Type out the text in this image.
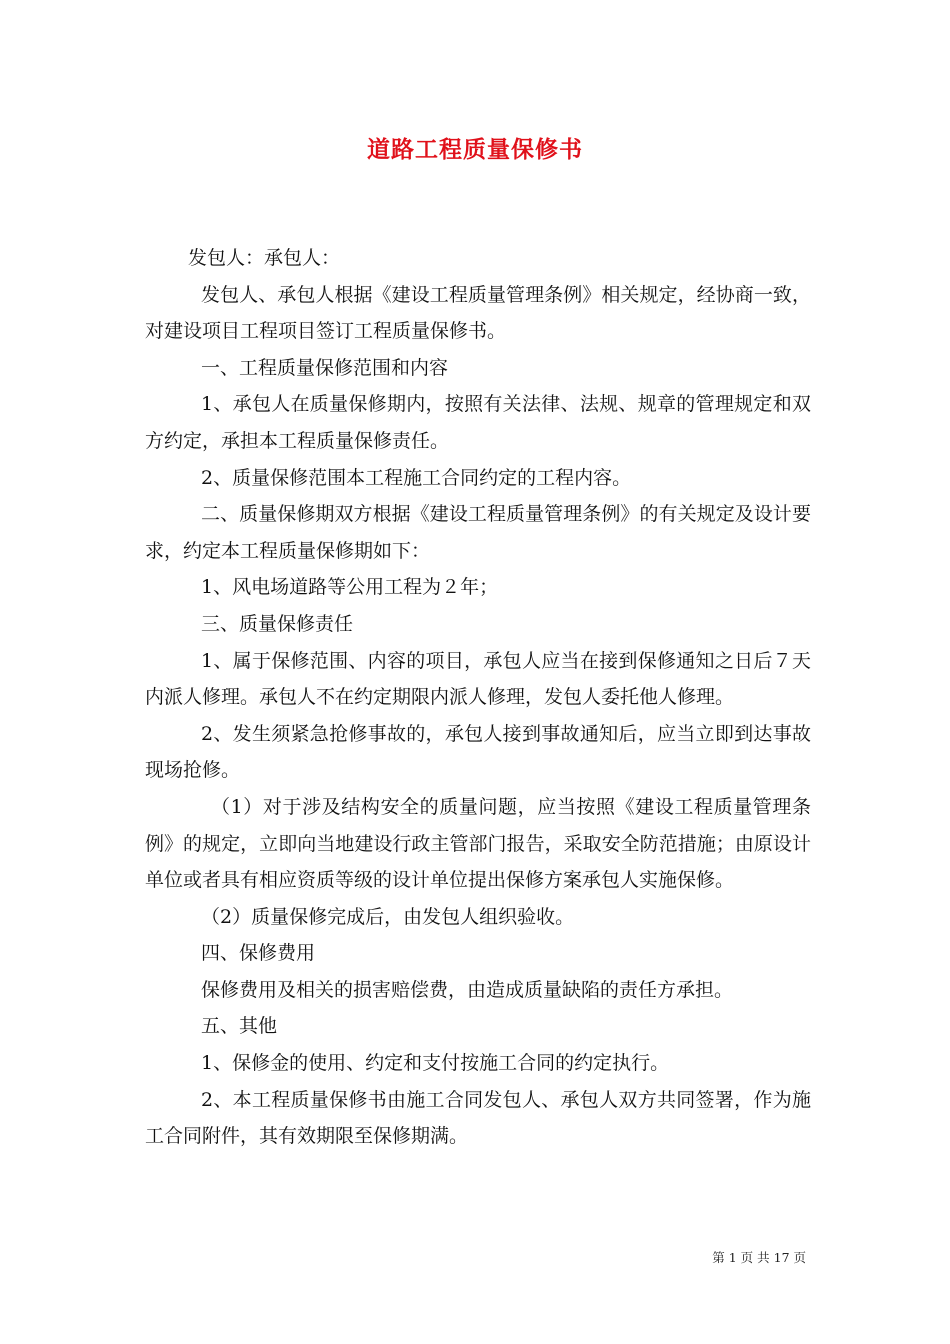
道路工程质量保修书

发包人：承包人：

发包人、承包人根据《建设工程质量管理条例》相关规定，经协商一致，对建设项目工程项目签订工程质量保修书。

一、工程质量保修范围和内容

1、承包人在质量保修期内，按照有关法律、法规、规章的管理规定和双方约定，承担本工程质量保修责任。

2、质量保修范围本工程施工合同约定的工程内容。

二、质量保修期双方根据《建设工程质量管理条例》的有关规定及设计要求，约定本工程质量保修期如下：

1、风电场道路等公用工程为２年；

三、质量保修责任

1、属于保修范围、内容的项目，承包人应当在接到保修通知之日后７天内派人修理。承包人不在约定期限内派人修理，发包人委托他人修理。

2、发生须紧急抢修事故的，承包人接到事故通知后，应当立即到达事故现场抢修。

（1）对于涉及结构安全的质量问题，应当按照《建设工程质量管理条例》的规定，立即向当地建设行政主管部门报告，采取安全防范措施；由原设计单位或者具有相应资质等级的设计单位提出保修方案承包人实施保修。

（2）质量保修完成后，由发包人组织验收。

四、保修费用

保修费用及相关的损害赔偿费，由造成质量缺陷的责任方承担。

五、其他

1、保修金的使用、约定和支付按施工合同的约定执行。

2、本工程质量保修书由施工合同发包人、承包人双方共同签署，作为施工合同附件，其有效期限至保修期满。

第 1 页 共 17 页
